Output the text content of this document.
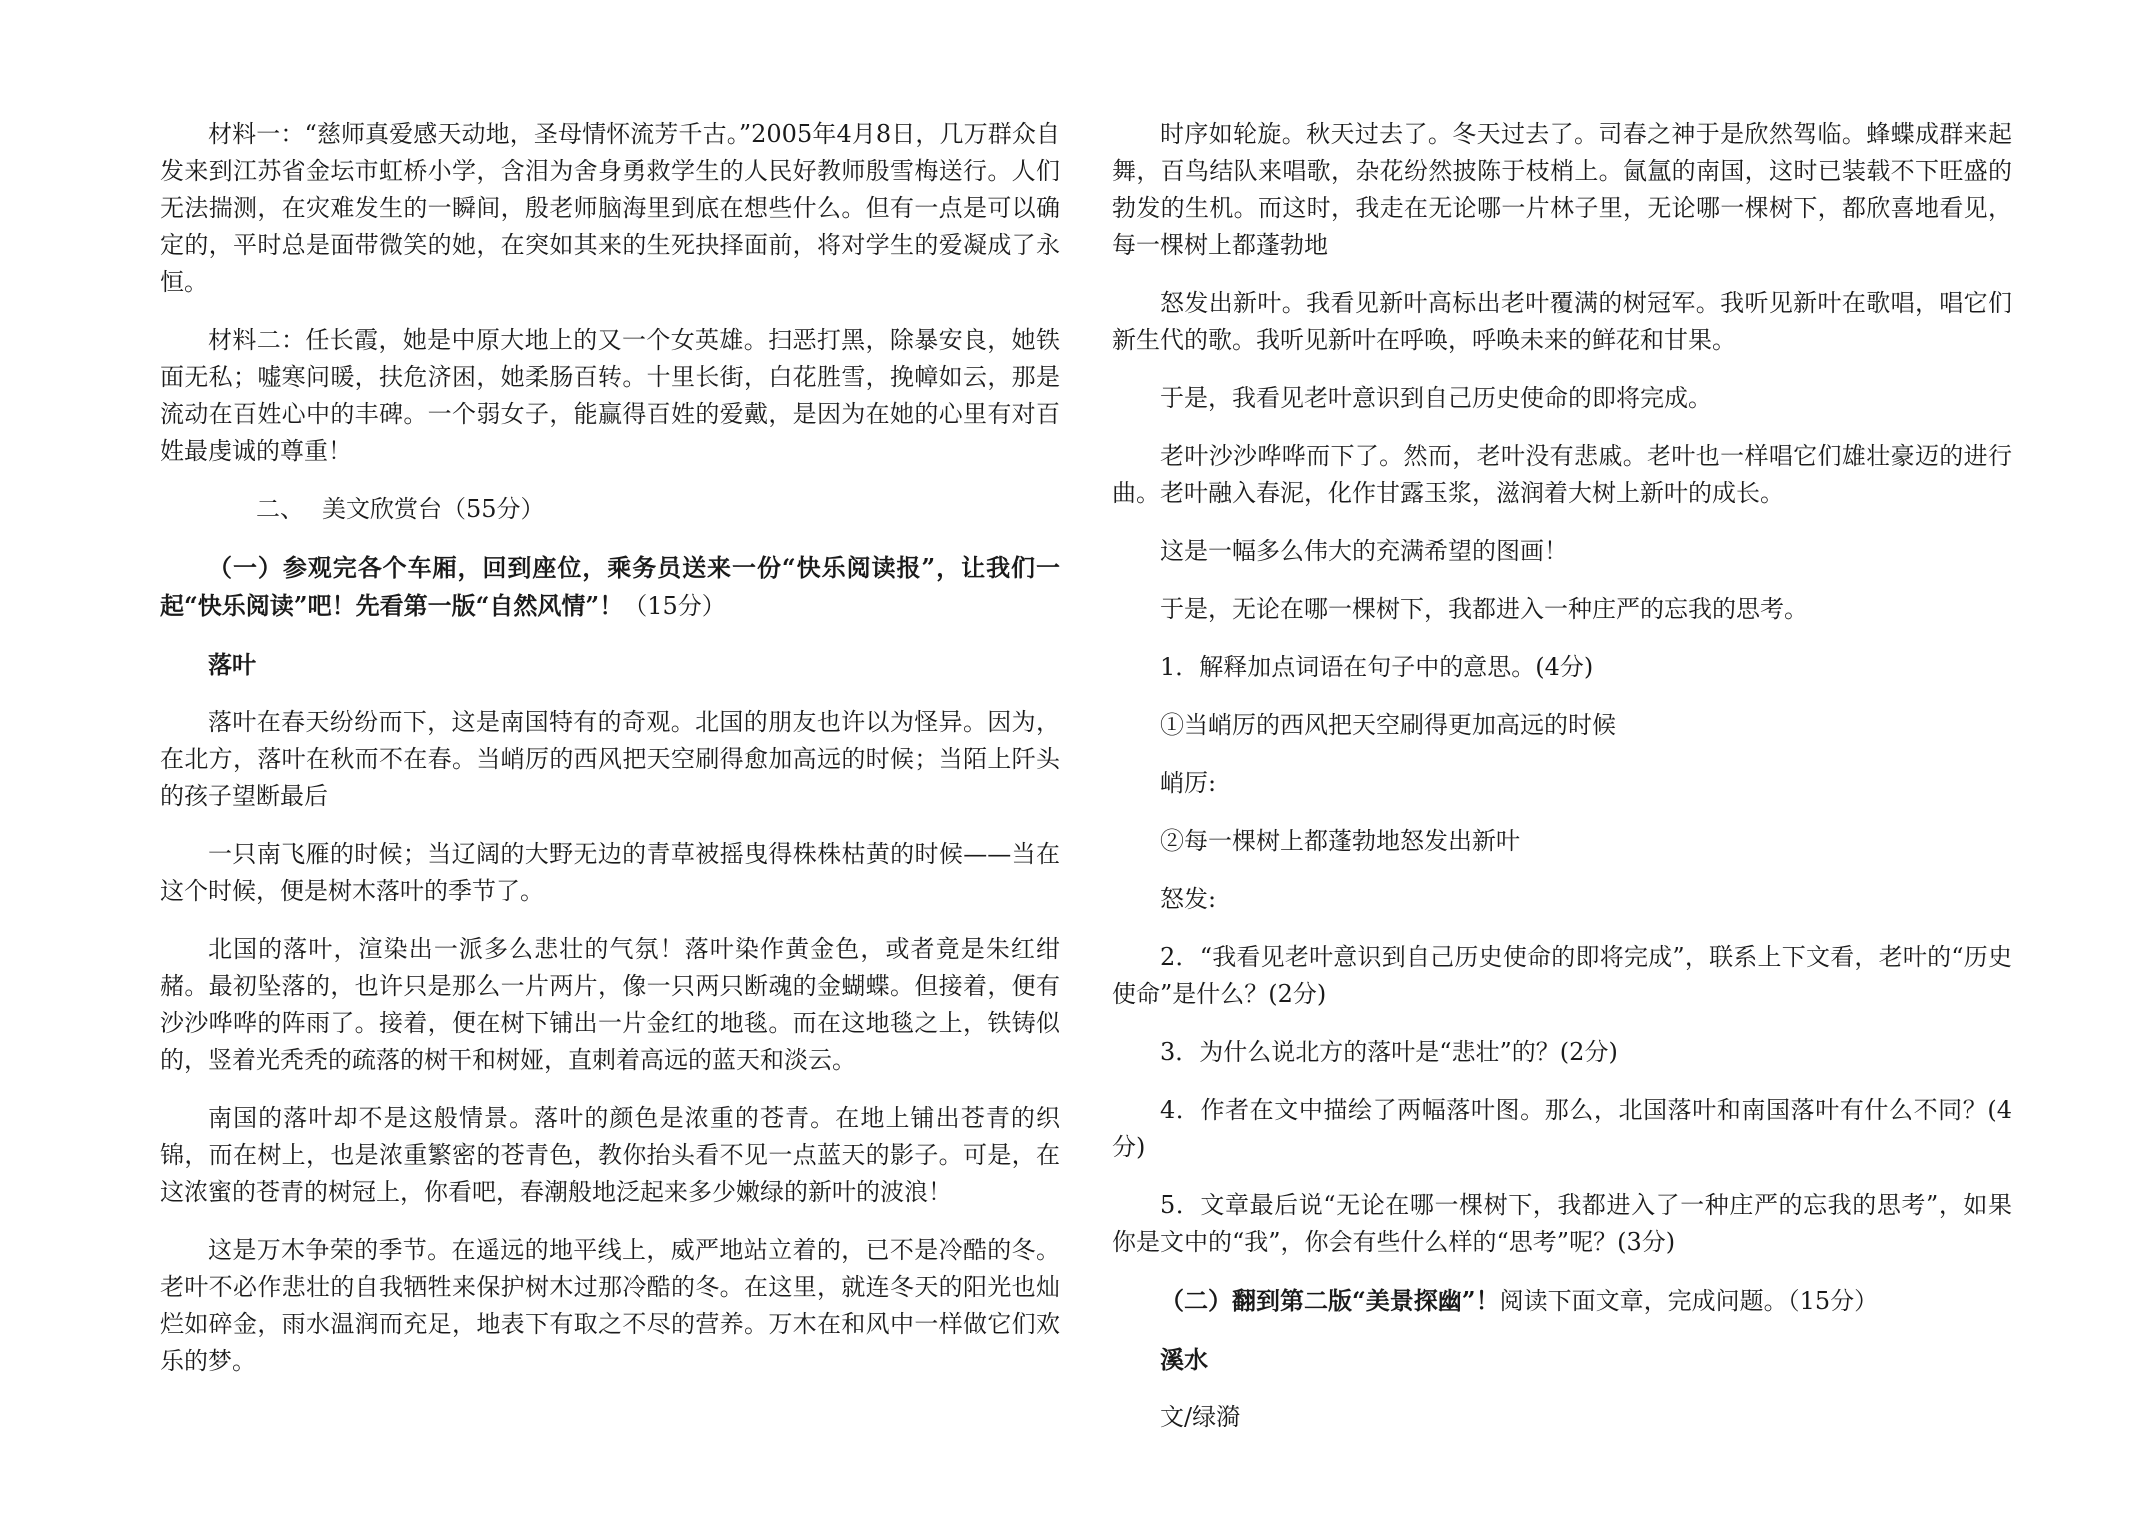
材料一：“慈师真爱感天动地，圣母情怀流芳千古。”2005年4月8日，几万群众自发来到江苏省金坛市虹桥小学，含泪为舍身勇救学生的人民好教师殷雪梅送行。人们无法揣测，在灾难发生的一瞬间，殷老师脑海里到底在想些什么。但有一点是可以确定的，平时总是面带微笑的她，在突如其来的生死抉择面前，将对学生的爱凝成了永恒。

材料二：任长霞，她是中原大地上的又一个女英雄。扫恶打黑，除暴安良，她铁面无私；嘘寒问暖，扶危济困，她柔肠百转。十里长街，白花胜雪，挽幛如云，那是流动在百姓心中的丰碑。一个弱女子，能赢得百姓的爱戴，是因为在她的心里有对百姓最虔诚的尊重！

二、 美文欣赏台（55分）

（一）参观完各个车厢，回到座位，乘务员送来一份“快乐阅读报”，让我们一起“快乐阅读”吧！先看第一版“自然风情”！（15分）

落叶

落叶在春天纷纷而下，这是南国特有的奇观。北国的朋友也许以为怪异。因为，在北方，落叶在秋而不在春。当峭厉的西风把天空刷得愈加高远的时候；当陌上阡头的孩子望断最后

一只南飞雁的时候；当辽阔的大野无边的青草被摇曳得株株枯黄的时候——当在这个时候，便是树木落叶的季节了。

北国的落叶，渲染出一派多么悲壮的气氛！落叶染作黄金色，或者竟是朱红绀赭。最初坠落的，也许只是那么一片两片，像一只两只断魂的金蝴蝶。但接着，便有沙沙哗哗的阵雨了。接着，便在树下铺出一片金红的地毯。而在这地毯之上，铁铸似的，竖着光秃秃的疏落的树干和树娅，直刺着高远的蓝天和淡云。

南国的落叶却不是这般情景。落叶的颜色是浓重的苍青。在地上铺出苍青的织锦，而在树上，也是浓重繁密的苍青色，教你抬头看不见一点蓝天的影子。可是，在这浓蜜的苍青的树冠上，你看吧，春潮般地泛起来多少嫩绿的新叶的波浪！

这是万木争荣的季节。在遥远的地平线上，威严地站立着的，已不是冷酷的冬。老叶不必作悲壮的自我牺牲来保护树木过那冷酷的冬。在这里，就连冬天的阳光也灿烂如碎金，雨水温润而充足，地表下有取之不尽的营养。万木在和风中一样做它们欢乐的梦。

时序如轮旋。秋天过去了。冬天过去了。司春之神于是欣然驾临。蜂蝶成群来起舞，百鸟结队来唱歌，杂花纷然披陈于枝梢上。氤氲的南国，这时已装载不下旺盛的勃发的生机。而这时，我走在无论哪一片林子里，无论哪一棵树下，都欣喜地看见，每一棵树上都蓬勃地

怒发出新叶。我看见新叶高标出老叶覆满的树冠军。我听见新叶在歌唱，唱它们新生代的歌。我听见新叶在呼唤，呼唤未来的鲜花和甘果。

于是，我看见老叶意识到自己历史使命的即将完成。

老叶沙沙哗哗而下了。然而，老叶没有悲戚。老叶也一样唱它们雄壮豪迈的进行曲。老叶融入春泥，化作甘露玉浆，滋润着大树上新叶的成长。

这是一幅多么伟大的充满希望的图画！

于是，无论在哪一棵树下，我都进入一种庄严的忘我的思考。

1．解释加点词语在句子中的意思。(4分)

①当峭厉的西风把天空刷得更加高远的时候

峭厉:

②每一棵树上都蓬勃地怒发出新叶

怒发:

2．“我看见老叶意识到自己历史使命的即将完成”，联系上下文看，老叶的“历史使命”是什么？(2分)

3．为什么说北方的落叶是“悲壮”的？(2分)

4．作者在文中描绘了两幅落叶图。那么，北国落叶和南国落叶有什么不同？(4分)

5．文章最后说“无论在哪一棵树下，我都进入了一种庄严的忘我的思考”，如果你是文中的“我”，你会有些什么样的“思考”呢？(3分)

（二）翻到第二版“美景探幽”！阅读下面文章，完成问题。（15分）

溪水

文/绿漪
